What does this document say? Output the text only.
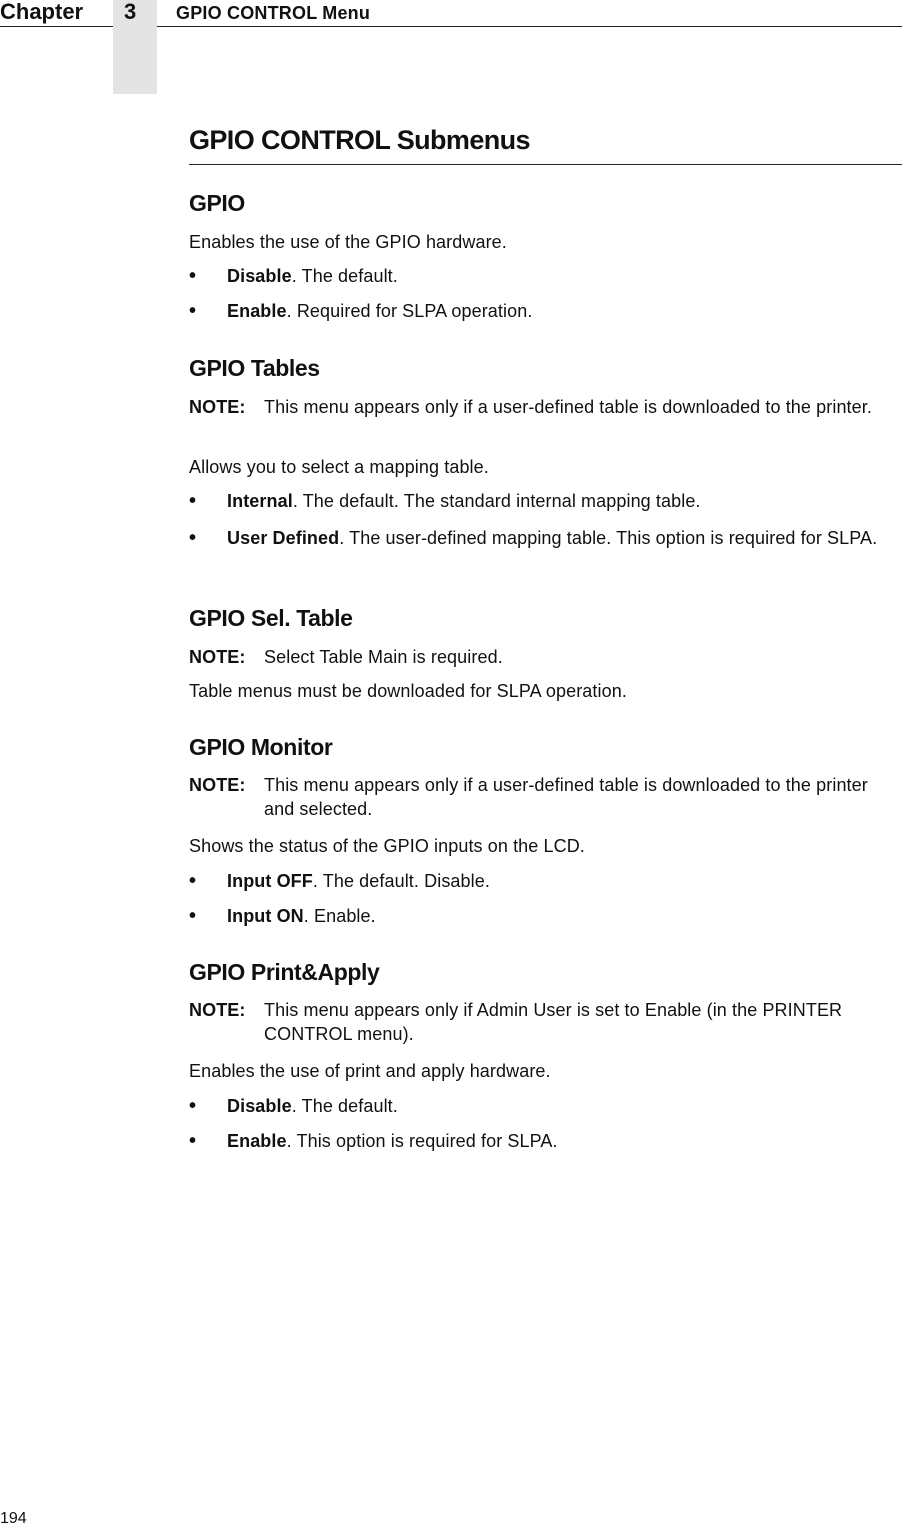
Chapter	GPIO CONTROL Menu
3
GPIO CONTROL Submenus
GPIO
Enables the use of the GPIO hardware.
• Disable. The default.
• Enable. Required for SLPA operation.
GPIO Tables
NOTE: This menu appears only if a user-defined table is downloaded to the printer.
Allows you to select a mapping table.
• Internal. The default. The standard internal mapping table.
• User Defined. The user-defined mapping table. This option is required for SLPA.
GPIO Sel. Table
NOTE: Select Table Main is required.
Table menus must be downloaded for SLPA operation.
GPIO Monitor
NOTE: This menu appears only if a user-defined table is downloaded to the printer and selected.
Shows the status of the GPIO inputs on the LCD.
• Input OFF. The default. Disable.
• Input ON. Enable.
GPIO Print&Apply
NOTE: This menu appears only if Admin User is set to Enable (in the PRINTER CONTROL menu).
Enables the use of print and apply hardware.
• Disable. The default.
• Enable. This option is required for SLPA.
194
